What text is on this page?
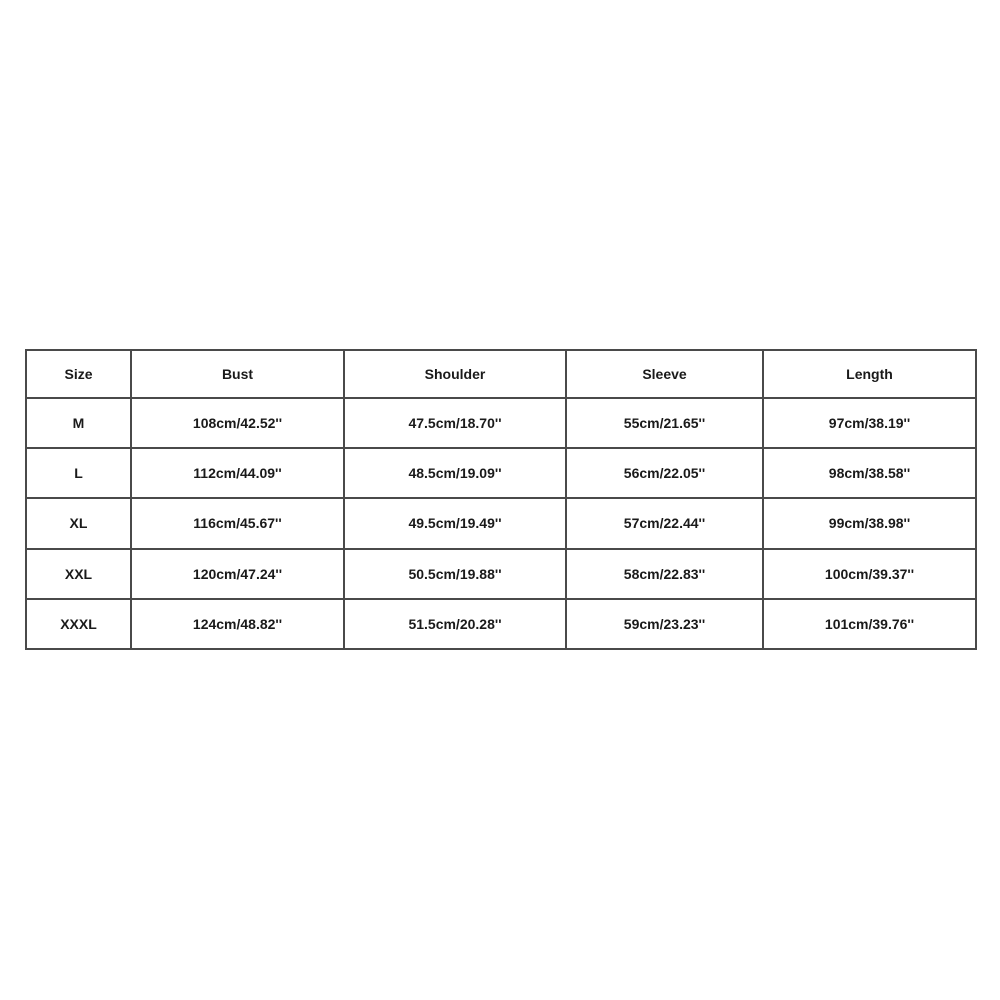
Size	Bust	Shoulder	Sleeve	Length
M	108cm/42.52''	47.5cm/18.70''	55cm/21.65''	97cm/38.19''
L	112cm/44.09''	48.5cm/19.09''	56cm/22.05''	98cm/38.58''
XL	116cm/45.67''	49.5cm/19.49''	57cm/22.44''	99cm/38.98''
XXL	120cm/47.24''	50.5cm/19.88''	58cm/22.83''	100cm/39.37''
XXXL	124cm/48.82''	51.5cm/20.28''	59cm/23.23''	101cm/39.76''
